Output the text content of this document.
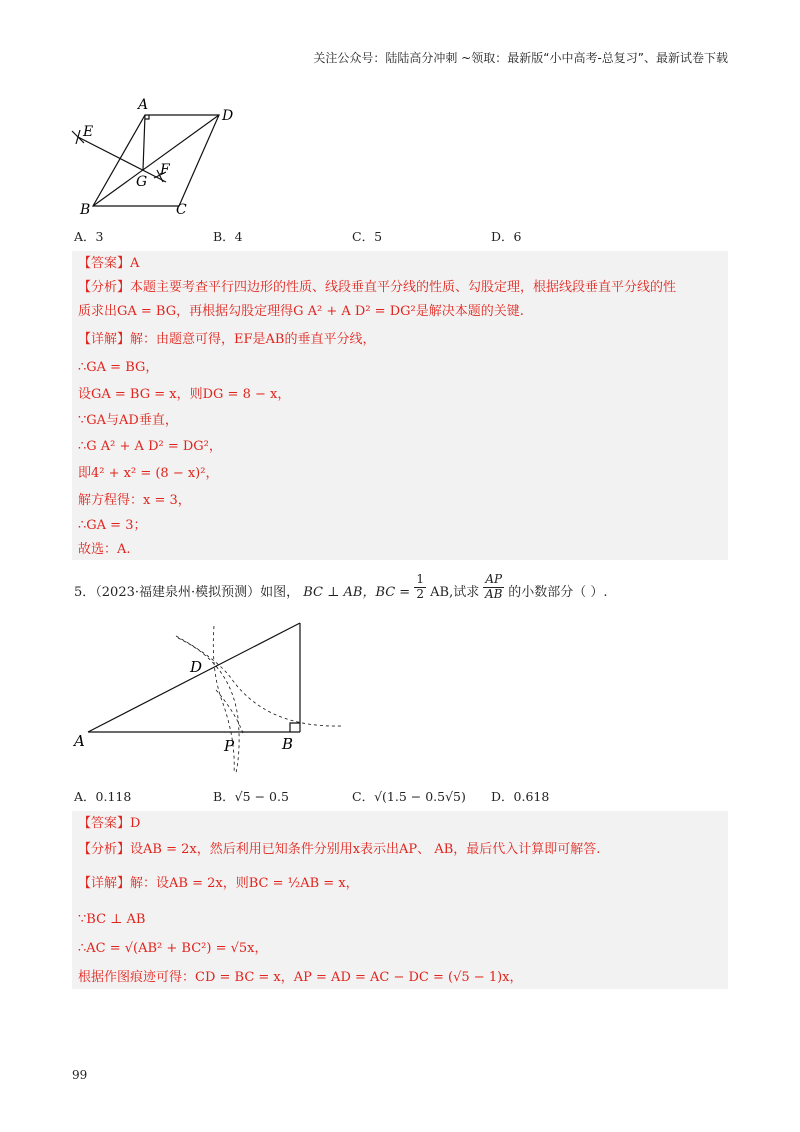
关注公众号：陆陆高分冲刺 ~领取：最新版“小中高考-总复习”、最新试卷下载
A
D
E
F
G
B	C
A．3	B．4	C．5	D．6
【答案】A
【分析】本题主要考查平行四边形的性质、线段垂直平分线的性质、勾股定理，根据线段垂直平分线的性
质求出GA = BG，再根据勾股定理得G A² + A D² = DG²是解决本题的关键.
【详解】解：由题意可得，EF是AB的垂直平分线，
∴GA = BG，
设GA = BG = x，则DG = 8 − x，
∵GA与AD垂直，
∴G A² + A D² = DG²，
即4² + x² = (8 − x)²，
解方程得：x = 3，
∴GA = 3；
故选：A.
5．（2023·福建泉州·模拟预测）如图， BC ⊥ AB，BC = $\frac{1}{2}$ AB,试求 $\frac{AP}{AB}$ 的小数部分（ ）.
D
A	P	B
A．0.118	B．√5 − 0.5	C．√(1.5 − 0.5√5) D．0.618
【答案】D
【分析】设AB = 2x，然后利用已知条件分别用x表示出AP、 AB，最后代入计算即可解答.
【详解】解：设AB = 2x，则BC = ½AB = x，
∵BC ⊥ AB
∴AC = √(AB² + BC²) = √5x，
根据作图痕迹可得：CD = BC = x，AP = AD = AC − DC = (√5 − 1)x，
99
